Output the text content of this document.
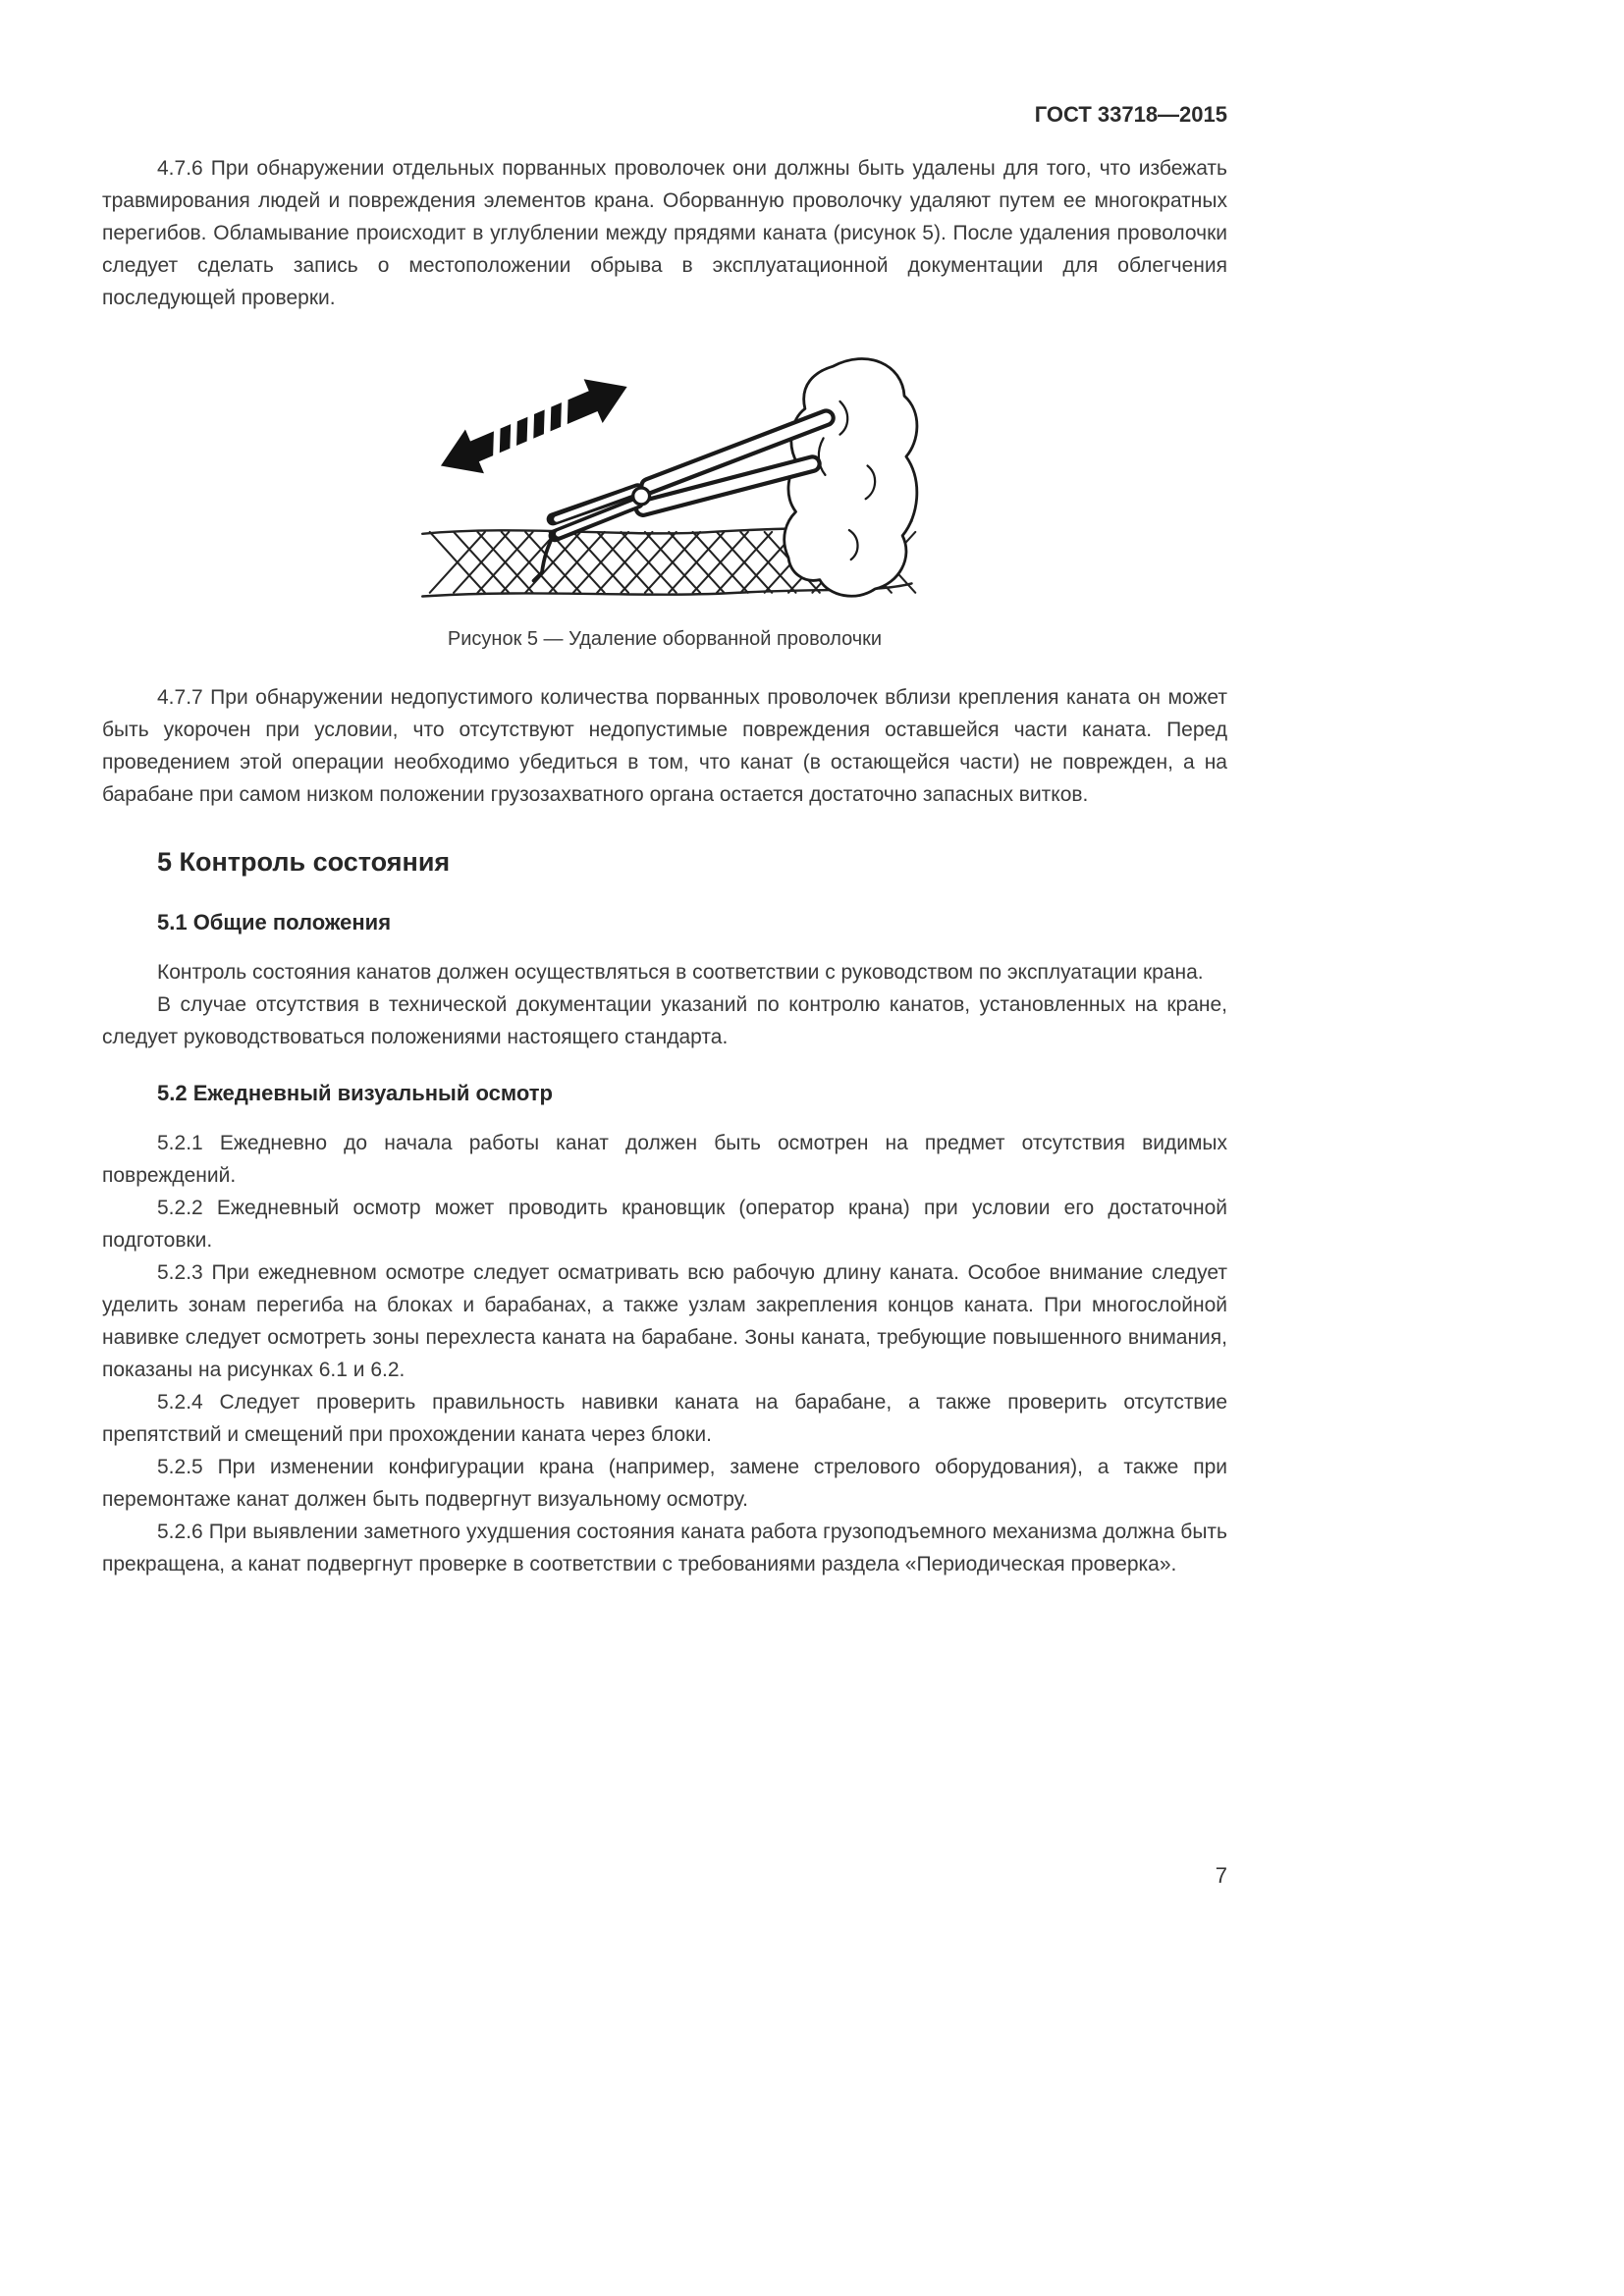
ГОСТ 33718—2015

4.7.6 При обнаружении отдельных порванных проволочек они должны быть удалены для того, что избежать травмирования людей и повреждения элементов крана. Оборванную проволочку удаляют путем ее многократных перегибов. Обламывание происходит в углублении между прядями каната (рисунок 5). После удаления проволочки следует сделать запись о местоположении обрыва в эксплуатационной документации для облегчения последующей проверки.

Рисунок 5 — Удаление оборванной проволочки

4.7.7 При обнаружении недопустимого количества порванных проволочек вблизи крепления каната он может быть укорочен при условии, что отсутствуют недопустимые повреждения оставшейся части каната. Перед проведением этой операции необходимо убедиться в том, что канат (в остающейся части) не поврежден, а на барабане при самом низком положении грузозахватного органа остается достаточно запасных витков.

5 Контроль состояния
5.1 Общие положения

Контроль состояния канатов должен осуществляться в соответствии с руководством по эксплуатации крана.

В случае отсутствия в технической документации указаний по контролю канатов, установленных на кране, следует руководствоваться положениями настоящего стандарта.

5.2 Ежедневный визуальный осмотр

5.2.1 Ежедневно до начала работы канат должен быть осмотрен на предмет отсутствия видимых повреждений.

5.2.2 Ежедневный осмотр может проводить крановщик (оператор крана) при условии его достаточной подготовки.

5.2.3 При ежедневном осмотре следует осматривать всю рабочую длину каната. Особое внимание следует уделить зонам перегиба на блоках и барабанах, а также узлам закрепления концов каната. При многослойной навивке следует осмотреть зоны перехлеста каната на барабане. Зоны каната, требующие повышенного внимания, показаны на рисунках 6.1 и 6.2.

5.2.4 Следует проверить правильность навивки каната на барабане, а также проверить отсутствие препятствий и смещений при прохождении каната через блоки.

5.2.5 При изменении конфигурации крана (например, замене стрелового оборудования), а также при перемонтаже канат должен быть подвергнут визуальному осмотру.

5.2.6 При выявлении заметного ухудшения состояния каната работа грузоподъемного механизма должна быть прекращена, а канат подвергнут проверке в соответствии с требованиями раздела «Периодическая проверка».

7
